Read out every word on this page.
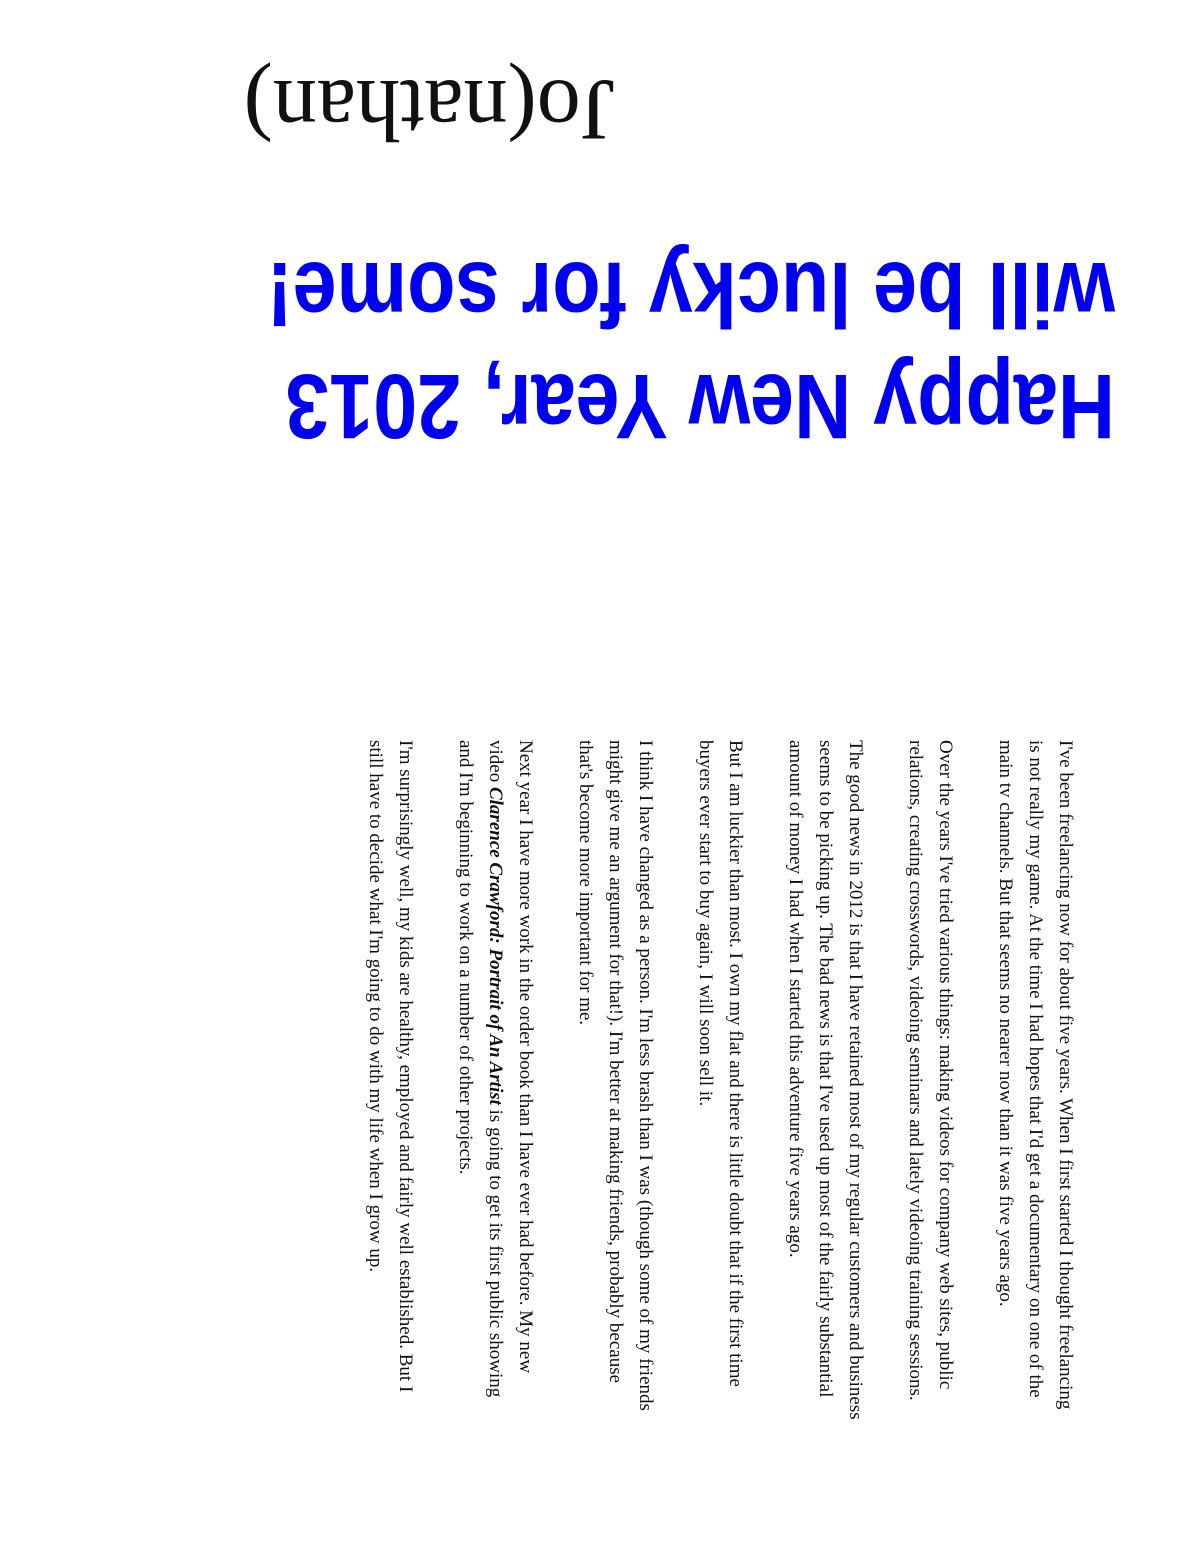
Happy New Year, 2013
will be lucky for some!
Jo(nathan)

I've been freelancing now for about five years. When I first started I thought freelancing is not really my game. At the time I had hopes that I'd get a documentary on one of the main tv channels. But that seems no nearer now than it was five years ago.

Over the years I've tried various things: making videos for company web sites, public relations, creating crosswords, videoing seminars and lately videoing training sessions.

The good news in 2012 is that I have retained most of my regular customers and business seems to be picking up. The bad news is that I've used up most of the fairly substantial amount of money I had when I started this adventure five years ago.

But I am luckier than most. I own my flat and there is little doubt that if the first time buyers ever start to buy again, I will soon sell it.

I think I have changed as a person. I'm less brash than I was (though some of my friends might give me an argument for that!). I'm better at making friends, probably because that's become more important for me.

Next year I have more work in the order book than I have ever had before. My new video Clarence Crawford: Portrait of An Artist is going to get its first public showing and I'm beginning to work on a number of other projects.

I'm surprisingly well, my kids are healthy, employed and fairly well established. But I still have to decide what I'm going to do with my life when I grow up.
